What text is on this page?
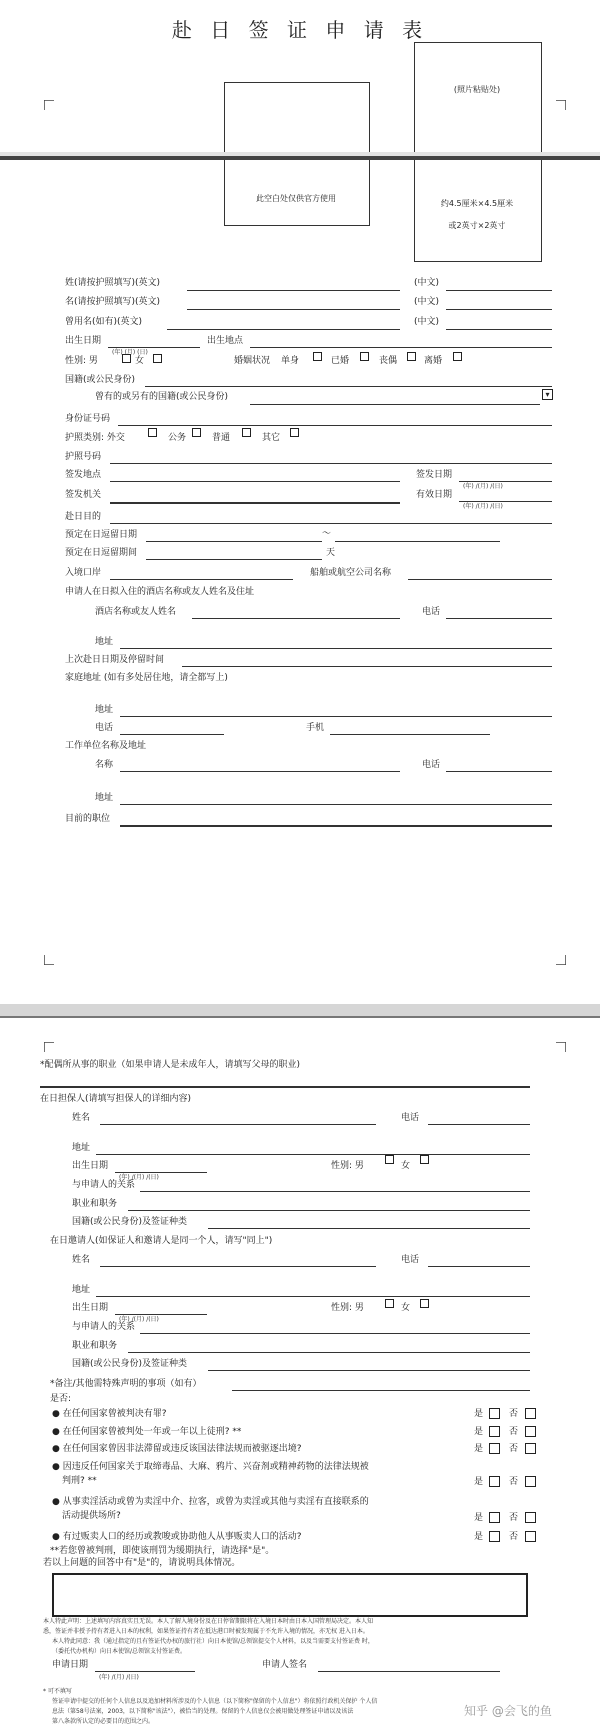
赴 日 签 证 申 请 表
(照片粘贴处)
约4.5厘米×4.5厘米
或2英寸×2英寸
此空白处仅供官方使用
姓(请按护照填写)(英文)	(中文)
名(请按护照填写)(英文)	(中文)
曾用名(如有)(英文)	(中文)
出生日期
(年) (月) (日)
出生地点
性别: 男	女	婚姻状况 单身	已婚	丧偶	离婚
国籍(或公民身份)
曾有的或另有的国籍(或公民身份)	▾
身份证号码
护照类别: 外交	公务	普通	其它
护照号码
签发地点	签发日期
(年) /(月) /(日)
签发机关	有效日期
(年) /(月) /(日)
赴日目的
预定在日逗留日期	～
预定在日逗留期间	天
入境口岸	船舶或航空公司名称
申请人在日拟入住的酒店名称或友人姓名及住址
酒店名称或友人姓名	电话
地址
上次赴日日期及停留时间
家庭地址 (如有多处居住地，请全都写上)
地址
电话	手机
工作单位名称及地址
名称	电话
地址
目前的职位
*配偶所从事的职业（如果申请人是未成年人，请填写父母的职业)
在日担保人(请填写担保人的详细内容)
姓名	电话
地址
出生日期
(年) /(月) /(日)
性别: 男	女
与申请人的关系
职业和职务
国籍(或公民身份)及签证种类
在日邀请人(如保证人和邀请人是同一个人，请写"同上")
姓名	电话
地址
出生日期
(年) /(月) /(日)
性别: 男	女
与申请人的关系
职业和职务
国籍(或公民身份)及签证种类
*备注/其他需特殊声明的事项（如有）
是否:
● 在任何国家曾被判决有罪?	是	否
● 在任何国家曾被判处一年或一年以上徒刑? **	是	否
● 在任何国家曾因非法滞留或违反该国法律法规而被驱逐出境?	是	否
● 因违反任何国家关于取缔毒品、大麻、鸦片、兴奋剂或精神药物的法律法规被
判刑? **	是	否
● 从事卖淫活动或曾为卖淫中介、拉客，或曾为卖淫或其他与卖淫有直接联系的
活动提供场所?	是	否
● 有过贩卖人口的经历或教唆或协助他人从事贩卖人口的活动?	是	否
**若您曾被判刑，即使该刑罚为缓期执行，请选择"是"。
若以上问题的回答中有"是"的，请说明具体情况。
本人特此声明：上述填写内容真实且无误。本人了解入境身份及在日停留期限将在入境日本时由日本入国管理局决定。本人知
悉，签证并非授予持有者进入日本的权利，如果签证持有者在抵达港口时被发现属于不允许入境的情况，亦无权 进入日本。
本人特此同意：我（通过指定的且有签证代办权的旅行社）向日本使馆/总领馆提交个人材料，以及当需要支付签证费 时，
（委托代办机构）向日本使馆/总领馆支付签证费。
申请日期
(年) /(月) /(日)
申请人签名
* 可不填写
签证申请中提交的任何个人信息以及追加材料所涉及的个人信息（以下简称"保留的个人信息"）将依照行政机关保护 个人信
息法（第58号法案，2003，以下简称"该法"），被恰当的处理。保留的个人信息仅会被用做处理签证申请以及该法
第八条款所认定的必要目的范围之内。
知乎 @会飞的鱼
